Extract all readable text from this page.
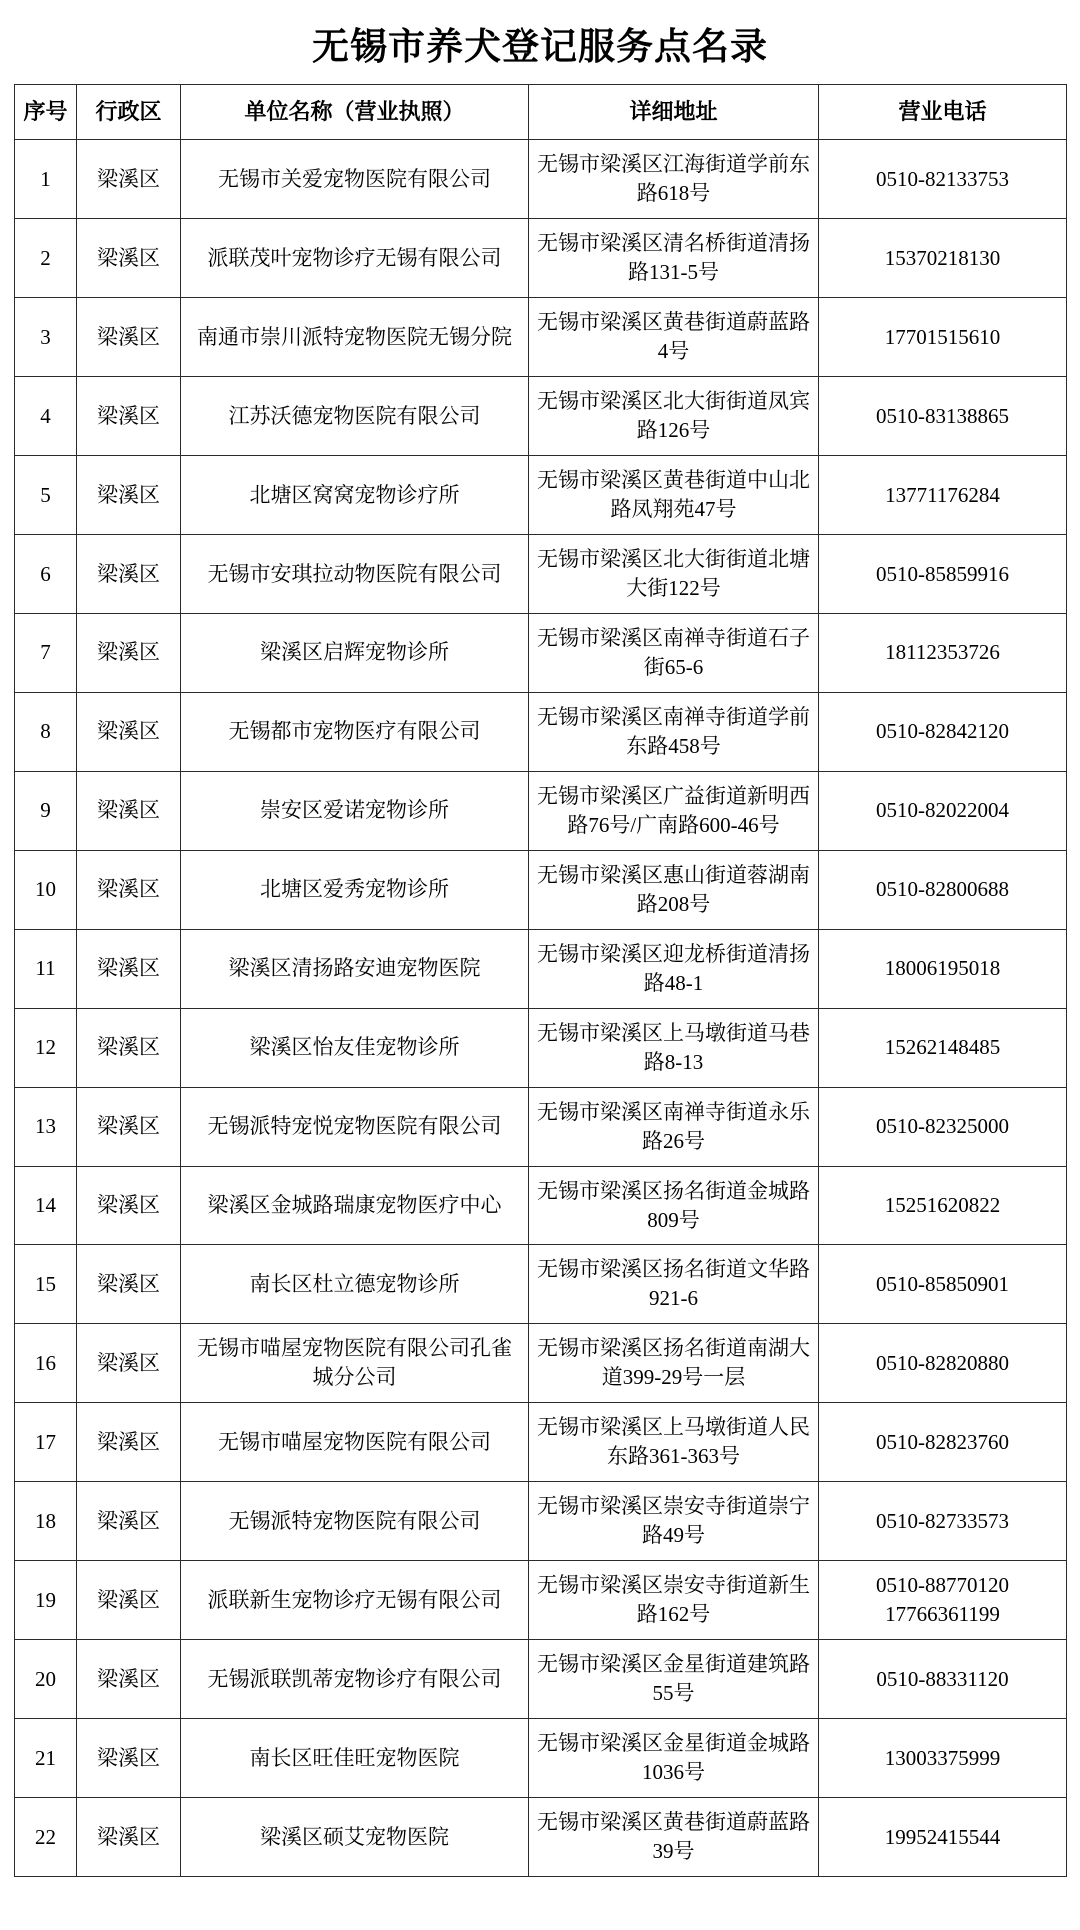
无锡市养犬登记服务点名录
序号	行政区	单位名称（营业执照）	详细地址	营业电话
1	梁溪区	无锡市关爱宠物医院有限公司	无锡市梁溪区江海街道学前东路618号	0510-82133753

2	梁溪区	派联茂叶宠物诊疗无锡有限公司	无锡市梁溪区清名桥街道清扬路131-5号	15370218130

3	梁溪区	南通市崇川派特宠物医院无锡分院	无锡市梁溪区黄巷街道蔚蓝路4号	17701515610

4	梁溪区	江苏沃德宠物医院有限公司	无锡市梁溪区北大街街道凤宾路126号	0510-83138865

5	梁溪区	北塘区窝窝宠物诊疗所	无锡市梁溪区黄巷街道中山北路凤翔苑47号	13771176284

6	梁溪区	无锡市安琪拉动物医院有限公司	无锡市梁溪区北大街街道北塘大街122号	0510-85859916

7	梁溪区	梁溪区启辉宠物诊所	无锡市梁溪区南禅寺街道石子街65-6	18112353726

8	梁溪区	无锡都市宠物医疗有限公司	无锡市梁溪区南禅寺街道学前东路458号	0510-82842120

9	梁溪区	崇安区爱诺宠物诊所	无锡市梁溪区广益街道新明西路76号/广南路600-46号	0510-82022004

10	梁溪区	北塘区爱秀宠物诊所	无锡市梁溪区惠山街道蓉湖南路208号	0510-82800688

11	梁溪区	梁溪区清扬路安迪宠物医院	无锡市梁溪区迎龙桥街道清扬路48-1	18006195018

12	梁溪区	梁溪区怡友佳宠物诊所	无锡市梁溪区上马墩街道马巷路8-13	15262148485

13	梁溪区	无锡派特宠悦宠物医院有限公司	无锡市梁溪区南禅寺街道永乐路26号	0510-82325000

14	梁溪区	梁溪区金城路瑞康宠物医疗中心	无锡市梁溪区扬名街道金城路809号	15251620822

15	梁溪区	南长区杜立德宠物诊所	无锡市梁溪区扬名街道文华路921-6	0510-85850901

16	梁溪区	无锡市喵屋宠物医院有限公司孔雀城分公司	无锡市梁溪区扬名街道南湖大道399-29号一层	0510-82820880

17	梁溪区	无锡市喵屋宠物医院有限公司	无锡市梁溪区上马墩街道人民东路361-363号	0510-82823760

18	梁溪区	无锡派特宠物医院有限公司	无锡市梁溪区崇安寺街道崇宁路49号	0510-82733573

19	梁溪区	派联新生宠物诊疗无锡有限公司	无锡市梁溪区崇安寺街道新生路162号	0510-88770120
17766361199

20	梁溪区	无锡派联凯蒂宠物诊疗有限公司	无锡市梁溪区金星街道建筑路55号	0510-88331120

21	梁溪区	南长区旺佳旺宠物医院	无锡市梁溪区金星街道金城路1036号	13003375999

22	梁溪区	梁溪区硕艾宠物医院	无锡市梁溪区黄巷街道蔚蓝路39号	19952415544
